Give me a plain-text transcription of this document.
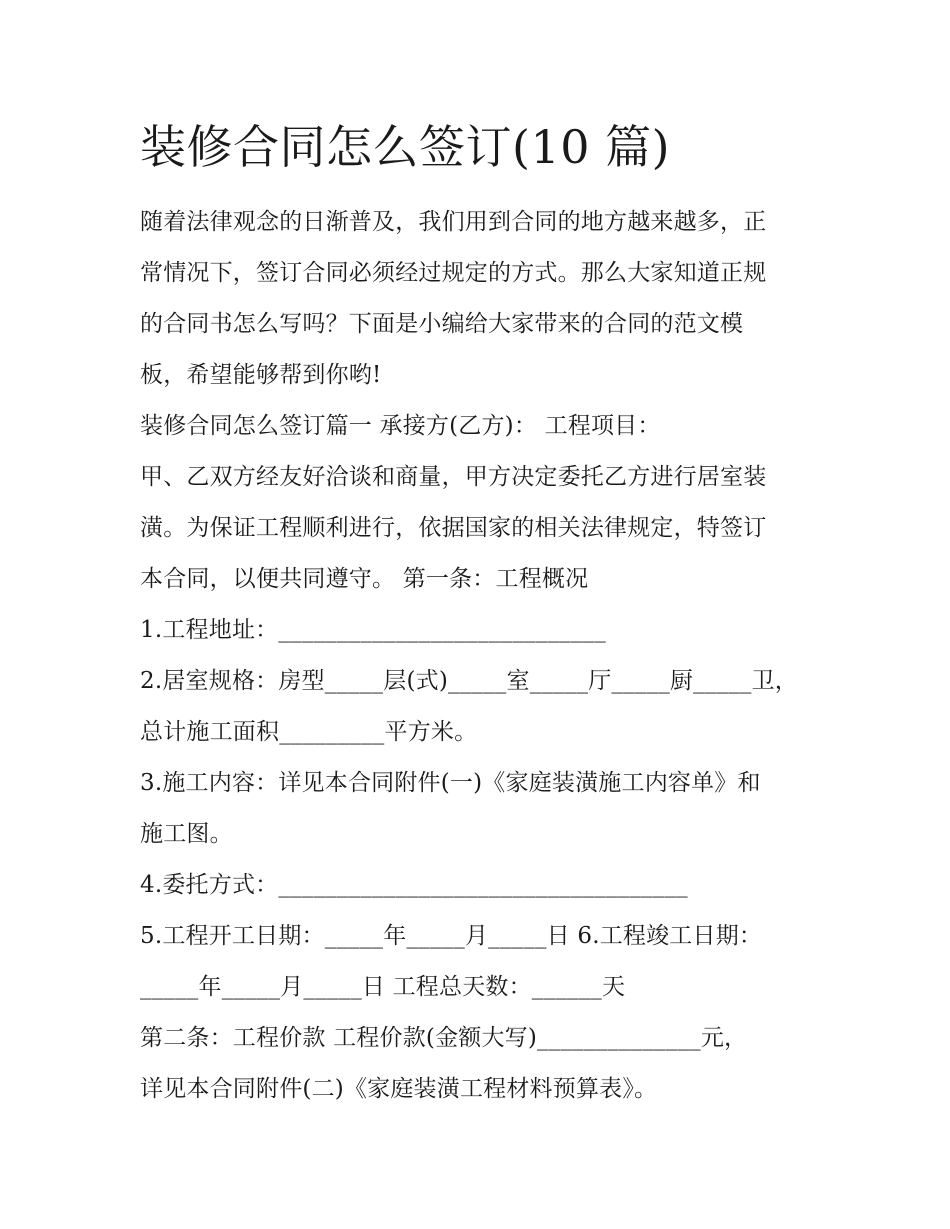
装修合同怎么签订(10 篇)
随着法律观念的日渐普及，我们用到合同的地方越来越多，正
常情况下，签订合同必须经过规定的方式。那么大家知道正规
的合同书怎么写吗？下面是小编给大家带来的合同的范文模
板，希望能够帮到你哟!
装修合同怎么签订篇一 承接方(乙方)： 工程项目：
甲、乙双方经友好洽谈和商量，甲方决定委托乙方进行居室装
潢。为保证工程顺利进行，依据国家的相关法律规定，特签订
本合同，以便共同遵守。 第一条：工程概况
1.工程地址：____________________________
2.居室规格：房型_____层(式)_____室_____厅_____厨_____卫，
总计施工面积_________平方米。
3.施工内容：详见本合同附件(一)《家庭装潢施工内容单》和
施工图。
4.委托方式：___________________________________
5.工程开工日期：_____年_____月_____日 6.工程竣工日期：
_____年_____月_____日 工程总天数：______天
第二条：工程价款 工程价款(金额大写)______________元，
详见本合同附件(二)《家庭装潢工程材料预算表》。
